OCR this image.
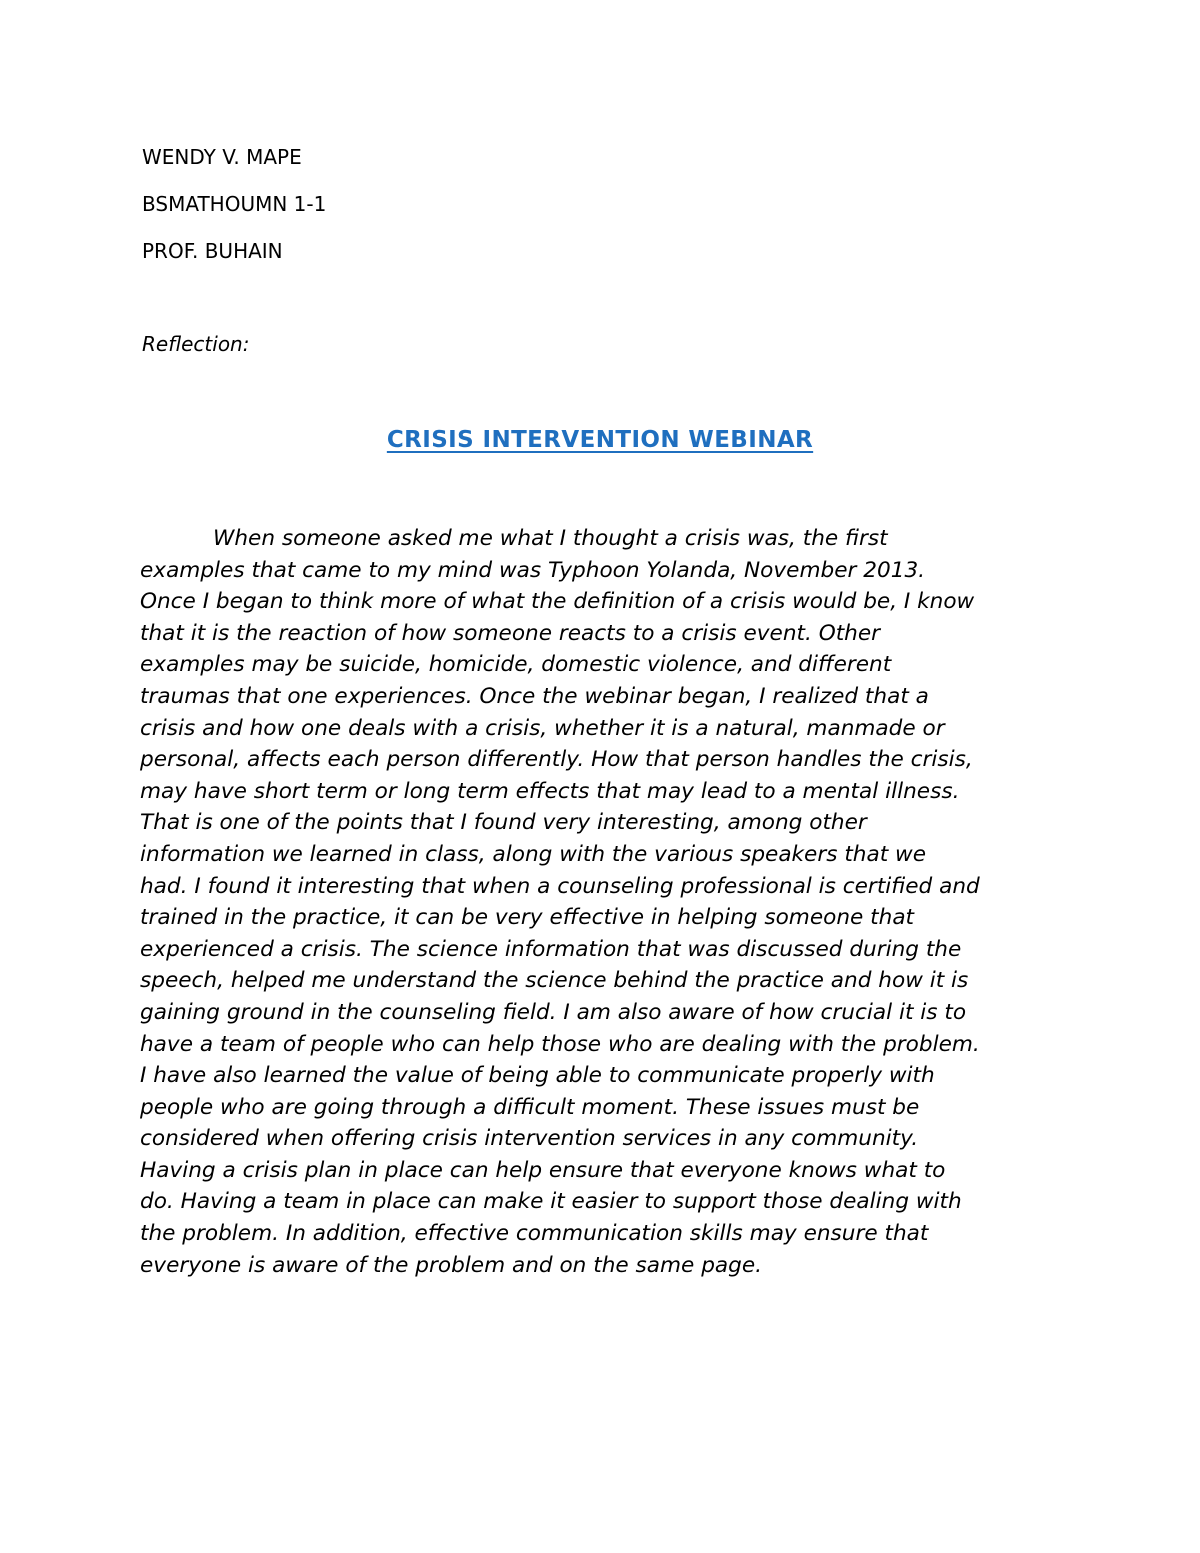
WENDY V. MAPE

BSMATHOUMN 1-1

PROF. BUHAIN

Reflection:

CRISIS INTERVENTION WEBINAR
When someone asked me what I thought a crisis was, the first
examples that came to my mind was Typhoon Yolanda, November 2013.
Once I began to think more of what the definition of a crisis would be, I know
that it is the reaction of how someone reacts to a crisis event. Other
examples may be suicide, homicide, domestic violence, and different
traumas that one experiences. Once the webinar began, I realized that a
crisis and how one deals with a crisis, whether it is a natural, manmade or
personal, affects each person differently. How that person handles the crisis,
may have short term or long term effects that may lead to a mental illness.
That is one of the points that I found very interesting, among other
information we learned in class, along with the various speakers that we
had. I found it interesting that when a counseling professional is certified and
trained in the practice, it can be very effective in helping someone that
experienced a crisis. The science information that was discussed during the
speech, helped me understand the science behind the practice and how it is
gaining ground in the counseling field. I am also aware of how crucial it is to
have a team of people who can help those who are dealing with the problem.
I have also learned the value of being able to communicate properly with
people who are going through a difficult moment. These issues must be
considered when offering crisis intervention services in any community.
Having a crisis plan in place can help ensure that everyone knows what to
do. Having a team in place can make it easier to support those dealing with
the problem. In addition, effective communication skills may ensure that
everyone is aware of the problem and on the same page.
